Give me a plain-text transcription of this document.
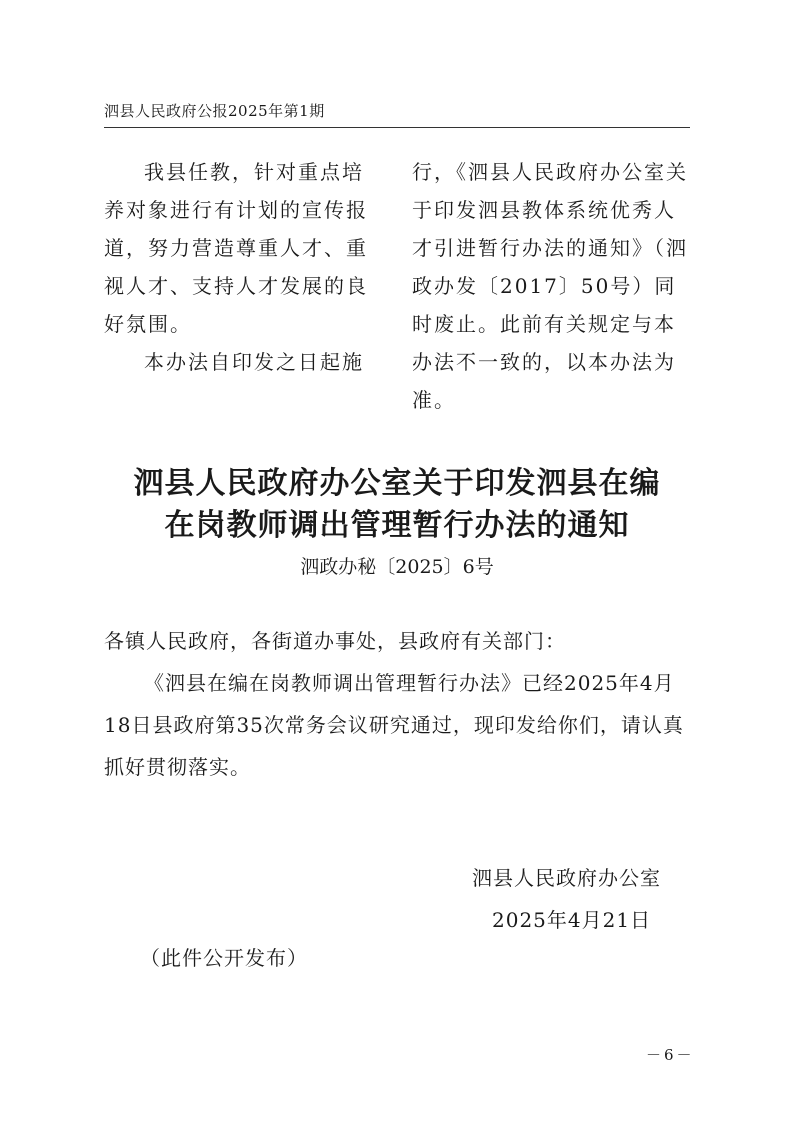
泗县人民政府公报2025年第1期

我县任教，针对重点培养对象进行有计划的宣传报道，努力营造尊重人才、重视人才、支持人才发展的良好氛围。

本办法自印发之日起施

行，《泗县人民政府办公室关于印发泗县教体系统优秀人才引进暂行办法的通知》（泗政办发〔2017〕50号）同时废止。此前有关规定与本办法不一致的，以本办法为准。

泗县人民政府办公室关于印发泗县在编
在岗教师调出管理暂行办法的通知
泗政办秘〔2025〕6号

各镇人民政府，各街道办事处，县政府有关部门：

《泗县在编在岗教师调出管理暂行办法》已经2025年4月18日县政府第35次常务会议研究通过，现印发给你们，请认真抓好贯彻落实。

泗县人民政府办公室
2025年4月21日
（此件公开发布）
－6－
